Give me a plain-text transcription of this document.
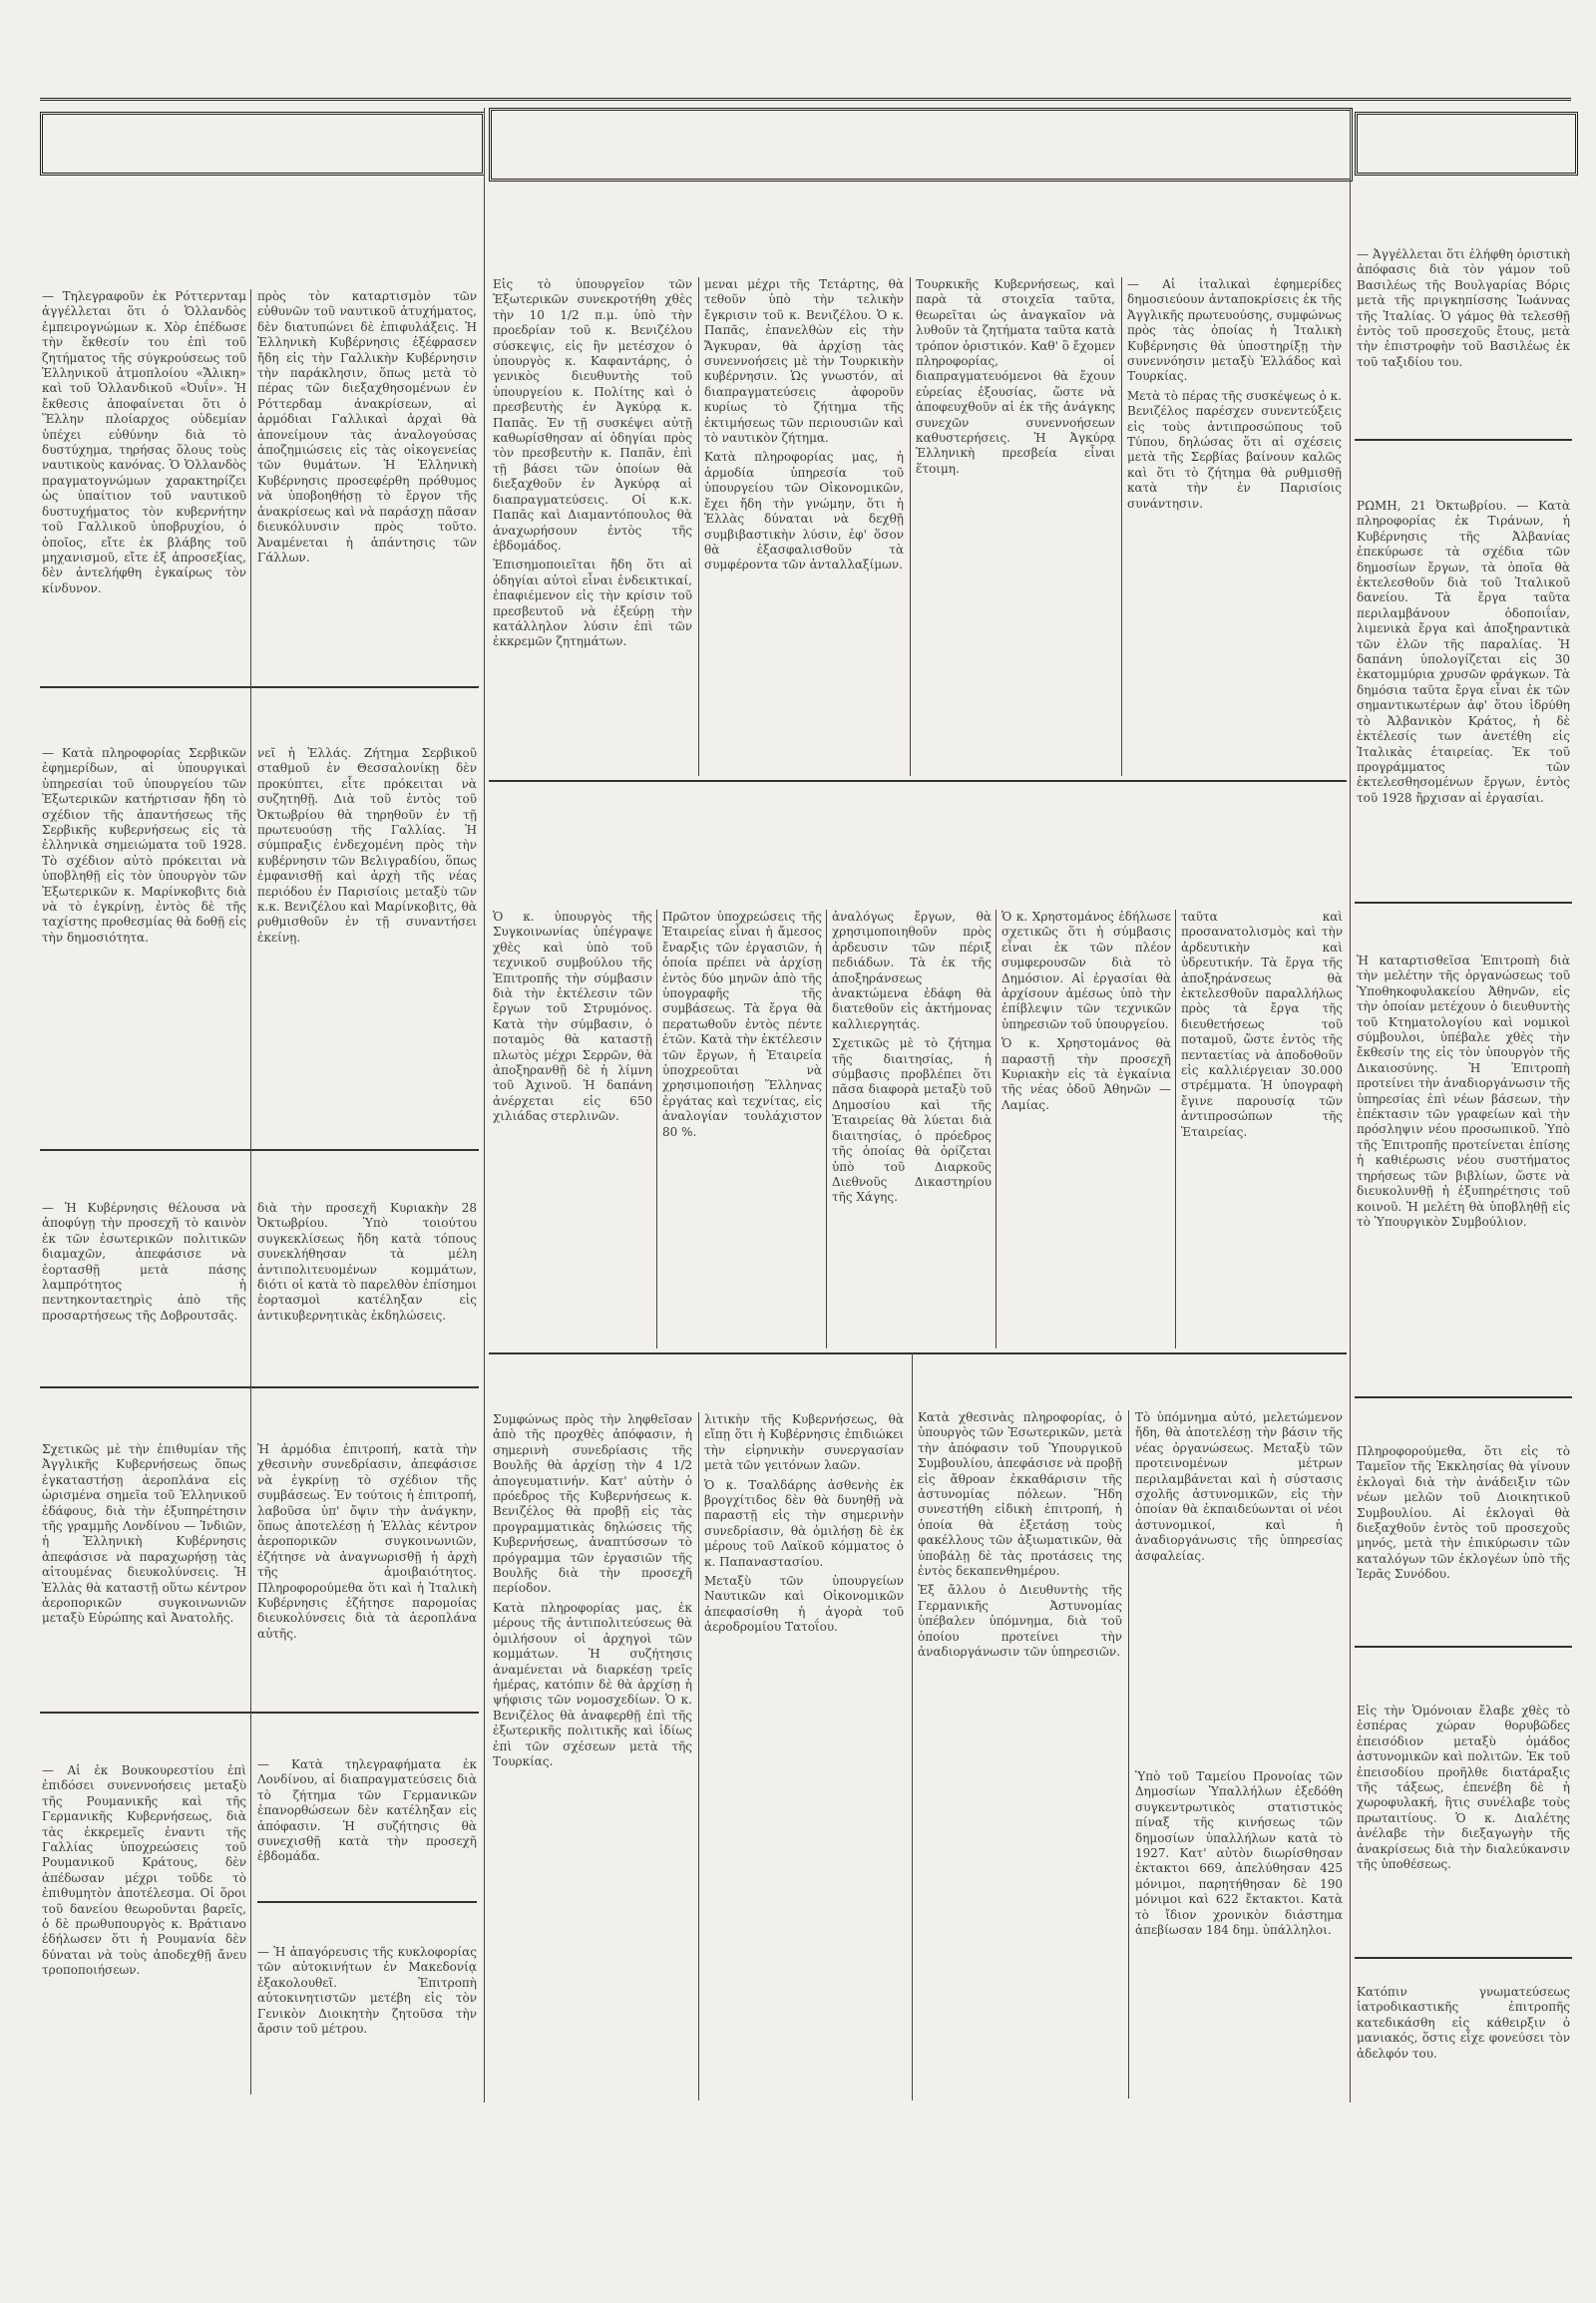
— Τηλεγραφοῦν ἐκ Ρόττερνταμ ἀγγέλλεται ὅτι ὁ Ὁλλανδὸς ἐμπειρογνώμων κ. Χὸρ ἐπέδωσε τὴν ἔκθεσίν του ἐπὶ τοῦ ζητήματος τῆς σύγκρούσεως τοῦ Ἑλληνικοῦ ἀτμοπλοίου «Ἄλικη» καὶ τοῦ Ὁλλανδικοῦ «Ὀυΐν». Ἡ ἔκθεσις ἀποφαίνεται ὅτι ὁ Ἕλλην πλοίαρχος οὐδεμίαν ὑπέχει εὐθύνην διὰ τὸ δυστύχημα, τηρήσας ὅλους τοὺς ναυτικοὺς κανόνας. Ὁ Ὁλλανδὸς πραγματογνώμων χαρακτηρίζει ὡς ὑπαίτιον τοῦ ναυτικοῦ δυστυχήματος τὸν κυβερνήτην τοῦ Γαλλικοῦ ὑποβρυχίου, ὁ ὁποῖος, εἴτε ἐκ βλάβης τοῦ μηχανισμοῦ, εἴτε ἐξ ἀπροσεξίας, δὲν ἀντελήφθη ἐγκαίρως τὸν κίνδυνον.
πρὸς τὸν καταρτισμὸν τῶν εὐθυνῶν τοῦ ναυτικοῦ ἀτυχήματος, δὲν διατυπώνει δὲ ἐπιφυλάξεις. Ἡ Ἑλληνικὴ Κυβέρνησις ἐξέφρασεν ἤδη εἰς τὴν Γαλλικὴν Κυβέρνησιν τὴν παράκλησιν, ὅπως μετὰ τὸ πέρας τῶν διεξαχθησομένων ἐν Ρόττερδαμ ἀνακρίσεων, αἱ ἁρμόδιαι Γαλλικαὶ ἀρχαὶ θὰ ἀπονείμουν τὰς ἀναλογούσας ἀποζημιώσεις εἰς τὰς οἰκογενείας τῶν θυμάτων. Ἡ Ἑλληνικὴ Κυβέρνησις προσεφέρθη πρόθυμος νὰ ὑποβοηθήσῃ τὸ ἔργον τῆς ἀνακρίσεως καὶ νὰ παράσχῃ πᾶσαν διευκόλυνσιν πρὸς τοῦτο. Ἀναμένεται ἡ ἀπάντησις τῶν Γάλλων.
— Κατὰ πληροφορίας Σερβικῶν ἐφημερίδων, αἱ ὑπουργικαὶ ὑπηρεσίαι τοῦ ὑπουργείου τῶν Ἐξωτερικῶν κατήρτισαν ἤδη τὸ σχέδιον τῆς ἀπαντήσεως τῆς Σερβικῆς κυβερνήσεως εἰς τὰ ἑλληνικὰ σημειώματα τοῦ 1928. Τὸ σχέδιον αὐτὸ πρόκειται νὰ ὑποβληθῇ εἰς τὸν ὑπουργὸν τῶν Ἐξωτερικῶν κ. Μαρίνκοβιτς διὰ νὰ τὸ ἐγκρίνῃ, ἐντὸς δὲ τῆς ταχίστης προθεσμίας θὰ δοθῇ εἰς τὴν δημοσιότητα.
νεῖ ἡ Ἑλλάς. Ζήτημα Σερβικοῦ σταθμοῦ ἐν Θεσσαλονίκῃ δὲν προκύπτει, εἶτε πρόκειται νὰ συζητηθῇ. Διὰ τοῦ ἐντὸς τοῦ Ὀκτωβρίου θὰ τηρηθοῦν ἐν τῇ πρωτευούσῃ τῆς Γαλλίας. Ἡ σύμπραξις ἐνδεχομένη πρὸς τὴν κυβέρνησιν τῶν Βελιγραδίου, ὅπως ἐμφανισθῇ καὶ ἀρχὴ τῆς νέας περιόδου ἐν Παρισίοις μεταξὺ τῶν κ.κ. Βενιζέλου καὶ Μαρίνκοβιτς, θὰ ρυθμισθοῦν ἐν τῇ συναντήσει ἐκείνῃ.
— Ἡ Κυβέρνησις θέλουσα νὰ ἀποφύγῃ τὴν προσεχῆ τὸ καινὸν ἐκ τῶν ἐσωτερικῶν πολιτικῶν διαμαχῶν, ἀπεφάσισε νὰ ἑορτασθῇ μετὰ πάσης λαμπρότητος ἡ πεντηκονταετηρὶς ἀπὸ τῆς προσαρτήσεως τῆς Δοβρουτσᾶς.
διὰ τὴν προσεχῆ Κυριακὴν 28 Ὀκτωβρίου. Ὑπὸ τοιούτου συγκεκλίσεως ἤδη κατὰ τόπους συνεκλήθησαν τὰ μέλη ἀντιπολιτευομένων κομμάτων, διότι οἱ κατὰ τὸ παρελθὸν ἐπίσημοι ἑορτασμοὶ κατέληξαν εἰς ἀντικυβερνητικὰς ἐκδηλώσεις.
Σχετικῶς μὲ τὴν ἐπιθυμίαν τῆς Ἀγγλικῆς Κυβερνήσεως ὅπως ἐγκαταστήσῃ ἀεροπλάνα εἰς ὡρισμένα σημεῖα τοῦ Ἑλληνικοῦ ἐδάφους, διὰ τὴν ἐξυπηρέτησιν τῆς γραμμῆς Λονδίνου — Ἰνδιῶν, ἡ Ἑλληνικὴ Κυβέρνησις ἀπεφάσισε νὰ παραχωρήσῃ τὰς αἰτουμένας διευκολύνσεις. Ἡ Ἑλλὰς θὰ καταστῇ οὕτω κέντρον ἀεροπορικῶν συγκοινωνιῶν μεταξὺ Εὐρώπης καὶ Ἀνατολῆς.
Ἡ ἁρμόδια ἐπιτροπή, κατὰ τὴν χθεσινὴν συνεδρίασιν, ἀπεφάσισε νὰ ἐγκρίνῃ τὸ σχέδιον τῆς συμβάσεως. Ἐν τούτοις ἡ ἐπιτροπή, λαβοῦσα ὑπ' ὄψιν τὴν ἀνάγκην, ὅπως ἀποτελέσῃ ἡ Ἑλλὰς κέντρον ἀεροπορικῶν συγκοινωνιῶν, ἐζήτησε νὰ ἀναγνωρισθῇ ἡ ἀρχὴ τῆς ἀμοιβαιότητος. Πληροφορούμεθα ὅτι καὶ ἡ Ἰταλικὴ Κυβέρνησις ἐζήτησε παρομοίας διευκολύνσεις διὰ τὰ ἀεροπλάνα αὐτῆς.
— Αἱ ἐκ Βουκουρεστίου ἐπὶ ἐπιδόσει συνεννοήσεις μεταξὺ τῆς Ρουμανικῆς καὶ τῆς Γερμανικῆς Κυβερνήσεως, διὰ τὰς ἐκκρεμεῖς ἐναντι τῆς Γαλλίας ὑποχρεώσεις τοῦ Ρουμανικοῦ Κράτους, δὲν ἀπέδωσαν μέχρι τοῦδε τὸ ἐπιθυμητὸν ἀποτέλεσμα. Οἱ ὅροι τοῦ δανείου θεωροῦνται βαρεῖς, ὁ δὲ πρωθυπουργὸς κ. Βράτιανο ἐδήλωσεν ὅτι ἡ Ρουμανία δὲν δύναται νὰ τοὺς ἀποδεχθῇ ἄνευ τροποποιήσεων.
— Κατὰ τηλεγραφήματα ἐκ Λονδίνου, αἱ διαπραγματεύσεις διὰ τὸ ζήτημα τῶν Γερμανικῶν ἐπανορθώσεων δὲν κατέληξαν εἰς ἀπόφασιν. Ἡ συζήτησις θὰ συνεχισθῇ κατὰ τὴν προσεχῆ ἑβδομάδα.
— Ἡ ἀπαγόρευσις τῆς κυκλοφορίας τῶν αὐτοκινήτων ἐν Μακεδονίᾳ ἐξακολουθεῖ. Ἐπιτροπὴ αὐτοκινητιστῶν μετέβη εἰς τὸν Γενικὸν Διοικητὴν ζητοῦσα τὴν ἄρσιν τοῦ μέτρου.
Εἰς τὸ ὑπουργεῖον τῶν Ἐξωτερικῶν συνεκροτήθη χθὲς τὴν 10 1/2 π.μ. ὑπὸ τὴν προεδρίαν τοῦ κ. Βενιζέλου σύσκεψις, εἰς ἣν μετέσχον ὁ ὑπουργὸς κ. Καφαντάρης, ὁ γενικὸς διευθυντὴς τοῦ ὑπουργείου κ. Πολίτης καὶ ὁ πρεσβευτὴς ἐν Ἀγκύρᾳ κ. Παπᾶς. Ἐν τῇ συσκέψει αὐτῇ καθωρίσθησαν αἱ ὁδηγίαι πρὸς τὸν πρεσβευτὴν κ. Παπᾶν, ἐπὶ τῇ βάσει τῶν ὁποίων θὰ διεξαχθοῦν ἐν Ἀγκύρᾳ αἱ διαπραγματεύσεις. Οἱ κ.κ. Παπᾶς καὶ Διαμαντόπουλος θὰ ἀναχωρήσουν ἐντὸς τῆς ἑβδομάδος.

Ἐπισημοποιεῖται ἤδη ὅτι αἱ ὁδηγίαι αὐτοὶ εἶναι ἐνδεικτικαί, ἐπαφιέμενον εἰς τὴν κρίσιν τοῦ πρεσβευτοῦ νὰ ἐξεύρῃ τὴν κατάλληλον λύσιν ἐπὶ τῶν ἐκκρεμῶν ζητημάτων.
μεναι μέχρι τῆς Τετάρτης, θὰ τεθοῦν ὑπὸ τὴν τελικὴν ἔγκρισιν τοῦ κ. Βενιζέλου. Ὁ κ. Παπᾶς, ἐπανελθὼν εἰς τὴν Ἄγκυραν, θὰ ἀρχίσῃ τὰς συνεννοήσεις μὲ τὴν Τουρκικὴν κυβέρνησιν. Ὡς γνωστόν, αἱ διαπραγματεύσεις ἀφοροῦν κυρίως τὸ ζήτημα τῆς ἐκτιμήσεως τῶν περιουσιῶν καὶ τὸ ναυτικὸν ζήτημα.

Κατὰ πληροφορίας μας, ἡ ἁρμοδία ὑπηρεσία τοῦ ὑπουργείου τῶν Οἰκονομικῶν, ἔχει ἤδη τὴν γνώμην, ὅτι ἡ Ἑλλὰς δύναται νὰ δεχθῇ συμβιβαστικὴν λύσιν, ἐφ' ὅσον θὰ ἐξασφαλισθοῦν τὰ συμφέροντα τῶν ἀνταλλαξίμων.
Τουρκικῆς Κυβερνήσεως, καὶ παρὰ τὰ στοιχεῖα ταῦτα, θεωρεῖται ὡς ἀναγκαῖον νὰ λυθοῦν τὰ ζητήματα ταῦτα κατὰ τρόπον ὁριστικόν. Καθ' ὃ ἔχομεν πληροφορίας, οἱ διαπραγματευόμενοι θὰ ἔχουν εὐρείας ἐξουσίας, ὥστε νὰ ἀποφευχθοῦν αἱ ἐκ τῆς ἀνάγκης συνεχῶν συνεννοήσεων καθυστερήσεις. Ἡ Ἀγκύρᾳ Ἑλληνικὴ πρεσβεία εἶναι ἕτοιμη.
— Αἱ ἰταλικαὶ ἐφημερίδες δημοσιεύουν ἀνταποκρίσεις ἐκ τῆς Ἀγγλικῆς πρωτευούσης, συμφώνως πρὸς τὰς ὁποίας ἡ Ἰταλικὴ Κυβέρνησις θὰ ὑποστηρίξῃ τὴν συνεννόησιν μεταξὺ Ἑλλάδος καὶ Τουρκίας.

Μετὰ τὸ πέρας τῆς συσκέψεως ὁ κ. Βενιζέλος παρέσχεν συνεντεύξεις εἰς τοὺς ἀντιπροσώπους τοῦ Τύπου, δηλώσας ὅτι αἱ σχέσεις μετὰ τῆς Σερβίας βαίνουν καλῶς καὶ ὅτι τὸ ζήτημα θὰ ρυθμισθῇ κατὰ τὴν ἐν Παρισίοις συνάντησιν.
— Ἀγγέλλεται ὅτι ἐλήφθη ὁριστικὴ ἀπόφασις διὰ τὸν γάμον τοῦ Βασιλέως τῆς Βουλγαρίας Βόρις μετὰ τῆς πριγκηπίσσης Ἰωάννας τῆς Ἰταλίας. Ὁ γάμος θὰ τελεσθῇ ἐντὸς τοῦ προσεχοῦς ἔτους, μετὰ τὴν ἐπιστροφὴν τοῦ Βασιλέως ἐκ τοῦ ταξιδίου του.
ΡΩΜΗ, 21 Ὀκτωβρίου. — Κατὰ πληροφορίας ἐκ Τιράνων, ἡ Κυβέρνησις τῆς Ἀλβανίας ἐπεκύρωσε τὰ σχέδια τῶν δημοσίων ἔργων, τὰ ὁποῖα θὰ ἐκτελεσθοῦν διὰ τοῦ Ἰταλικοῦ δανείου. Τὰ ἔργα ταῦτα περιλαμβάνουν ὁδοποιΐαν, λιμενικὰ ἔργα καὶ ἀποξηραντικὰ τῶν ἑλῶν τῆς παραλίας. Ἡ δαπάνη ὑπολογίζεται εἰς 30 ἑκατομμύρια χρυσῶν φράγκων. Τὰ δημόσια ταῦτα ἔργα εἶναι ἐκ τῶν σημαντικωτέρων ἀφ' ὅτου ἱδρύθη τὸ Ἀλβανικὸν Κράτος, ἡ δὲ ἐκτέλεσίς των ἀνετέθη εἰς Ἰταλικὰς ἑταιρείας. Ἐκ τοῦ προγράμματος τῶν ἐκτελεσθησομένων ἔργων, ἐντὸς τοῦ 1928 ἤρχισαν αἱ ἐργασίαι.
Ἡ καταρτισθεῖσα Ἐπιτροπὴ διὰ τὴν μελέτην τῆς ὀργανώσεως τοῦ Ὑποθηκοφυλακείου Ἀθηνῶν, εἰς τὴν ὁποίαν μετέχουν ὁ διευθυντὴς τοῦ Κτηματολογίου καὶ νομικοὶ σύμβουλοι, ὑπέβαλε χθὲς τὴν ἔκθεσίν της εἰς τὸν ὑπουργὸν τῆς Δικαιοσύνης. Ἡ Ἐπιτροπὴ προτείνει τὴν ἀναδιοργάνωσιν τῆς ὑπηρεσίας ἐπὶ νέων βάσεων, τὴν ἐπέκτασιν τῶν γραφείων καὶ τὴν πρόσληψιν νέου προσωπικοῦ. Ὑπὸ τῆς Ἐπιτροπῆς προτείνεται ἐπίσης ἡ καθιέρωσις νέου συστήματος τηρήσεως τῶν βιβλίων, ὥστε νὰ διευκολυνθῇ ἡ ἐξυπηρέτησις τοῦ κοινοῦ. Ἡ μελέτη θὰ ὑποβληθῇ εἰς τὸ Ὑπουργικὸν Συμβούλιον.
Πληροφορούμεθα, ὅτι εἰς τὸ Ταμεῖον τῆς Ἐκκλησίας θὰ γίνουν ἐκλογαὶ διὰ τὴν ἀνάδειξιν τῶν νέων μελῶν τοῦ Διοικητικοῦ Συμβουλίου. Αἱ ἐκλογαὶ θὰ διεξαχθοῦν ἐντὸς τοῦ προσεχοῦς μηνός, μετὰ τὴν ἐπικύρωσιν τῶν καταλόγων τῶν ἐκλογέων ὑπὸ τῆς Ἱερᾶς Συνόδου.
Εἰς τὴν Ὁμόνοιαν ἔλαβε χθὲς τὸ ἑσπέρας χώραν θορυβῶδες ἐπεισόδιον μεταξὺ ὁμάδος ἀστυνομικῶν καὶ πολιτῶν. Ἐκ τοῦ ἐπεισοδίου προῆλθε διατάραξις τῆς τάξεως, ἐπενέβη δὲ ἡ χωροφυλακή, ἣτις συνέλαβε τοὺς πρωταιτίους. Ὁ κ. Διαλέτης ἀνέλαβε τὴν διεξαγωγὴν τῆς ἀνακρίσεως διὰ τὴν διαλεύκανσιν τῆς ὑποθέσεως.
Κατόπιν γνωματεύσεως ἰατροδικαστικῆς ἐπιτροπῆς κατεδικάσθη εἰς κάθειρξιν ὁ μανιακός, ὅστις εἶχε φονεύσει τὸν ἀδελφόν του.
Ὁ κ. ὑπουργὸς τῆς Συγκοινωνίας ὑπέγραψε χθὲς καὶ ὑπὸ τοῦ τεχνικοῦ συμβούλου τῆς Ἐπιτροπῆς τὴν σύμβασιν διὰ τὴν ἐκτέλεσιν τῶν ἔργων τοῦ Στρυμόνος. Κατὰ τὴν σύμβασιν, ὁ ποταμὸς θὰ καταστῇ πλωτὸς μέχρι Σερρῶν, θὰ ἀποξηρανθῇ δὲ ἡ λίμνη τοῦ Ἀχινοῦ. Ἡ δαπάνη ἀνέρχεται εἰς 650 χιλιάδας στερλινῶν.
Πρῶτον ὑποχρεώσεις τῆς Ἑταιρείας εἶναι ἡ ἄμεσος ἔναρξις τῶν ἐργασιῶν, ἡ ὁποία πρέπει νὰ ἀρχίσῃ ἐντὸς δύο μηνῶν ἀπὸ τῆς ὑπογραφῆς τῆς συμβάσεως. Τὰ ἔργα θὰ περατωθοῦν ἐντὸς πέντε ἐτῶν. Κατὰ τὴν ἐκτέλεσιν τῶν ἔργων, ἡ Ἑταιρεία ὑποχρεοῦται νὰ χρησιμοποιήσῃ Ἕλληνας ἐργάτας καὶ τεχνίτας, εἰς ἀναλογίαν τουλάχιστον 80 %.
ἀναλόγως ἔργων, θὰ χρησιμοποιηθοῦν πρὸς ἀρδευσιν τῶν πέριξ πεδιάδων. Τὰ ἐκ τῆς ἀποξηράνσεως ἀνακτώμενα ἐδάφη θὰ διατεθοῦν εἰς ἀκτήμονας καλλιεργητάς.

Σχετικῶς μὲ τὸ ζήτημα τῆς διαιτησίας, ἡ σύμβασις προβλέπει ὅτι πᾶσα διαφορὰ μεταξὺ τοῦ Δημοσίου καὶ τῆς Ἑταιρείας θὰ λύεται διὰ διαιτησίας, ὁ πρόεδρος τῆς ὁποίας θὰ ὁρίζεται ὑπὸ τοῦ Διαρκοῦς Διεθνοῦς Δικαστηρίου τῆς Χάγης.
Ὁ κ. Χρηστομάνος ἐδήλωσε σχετικῶς ὅτι ἡ σύμβασις εἶναι ἐκ τῶν πλέον συμφερουσῶν διὰ τὸ Δημόσιον. Αἱ ἐργασίαι θὰ ἀρχίσουν ἀμέσως ὑπὸ τὴν ἐπίβλεψιν τῶν τεχνικῶν ὑπηρεσιῶν τοῦ ὑπουργείου.

Ὁ κ. Χρηστομάνος θὰ παραστῇ τὴν προσεχῆ Κυριακὴν εἰς τὰ ἐγκαίνια τῆς νέας ὁδοῦ Ἀθηνῶν — Λαμίας.
ταῦτα καὶ προσανατολισμὸς καὶ τὴν ἀρδευτικὴν καὶ ὑδρευτικήν. Τὰ ἔργα τῆς ἀποξηράνσεως θὰ ἐκτελεσθοῦν παραλλήλως πρὸς τὰ ἔργα τῆς διευθετήσεως τοῦ ποταμοῦ, ὥστε ἐντὸς τῆς πενταετίας νὰ ἀποδοθοῦν εἰς καλλιέργειαν 30.000 στρέμματα. Ἡ ὑπογραφὴ ἔγινε παρουσίᾳ τῶν ἀντιπροσώπων τῆς Ἑταιρείας.
Συμφώνως πρὸς τὴν ληφθεῖσαν ἀπὸ τῆς προχθὲς ἀπόφασιν, ἡ σημερινὴ συνεδρίασις τῆς Βουλῆς θὰ ἀρχίσῃ τὴν 4 1/2 ἀπογευματινήν. Κατ' αὐτὴν ὁ πρόεδρος τῆς Κυβερνήσεως κ. Βενιζέλος θὰ προβῇ εἰς τὰς προγραμματικὰς δηλώσεις τῆς Κυβερνήσεως, ἀναπτύσσων τὸ πρόγραμμα τῶν ἐργασιῶν τῆς Βουλῆς διὰ τὴν προσεχῆ περίοδον.

Κατὰ πληροφορίας μας, ἐκ μέρους τῆς ἀντιπολιτεύσεως θὰ ὁμιλήσουν οἱ ἀρχηγοὶ τῶν κομμάτων. Ἡ συζήτησις ἀναμένεται νὰ διαρκέσῃ τρεῖς ἡμέρας, κατόπιν δὲ θὰ ἀρχίσῃ ἡ ψήφισις τῶν νομοσχεδίων. Ὁ κ. Βενιζέλος θὰ ἀναφερθῇ ἐπὶ τῆς ἐξωτερικῆς πολιτικῆς καὶ ἰδίως ἐπὶ τῶν σχέσεων μετὰ τῆς Τουρκίας.
λιτικὴν τῆς Κυβερνήσεως, θὰ εἴπῃ ὅτι ἡ Κυβέρνησις ἐπιδιώκει τὴν εἰρηνικὴν συνεργασίαν μετὰ τῶν γειτόνων λαῶν.

Ὁ κ. Τσαλδάρης ἀσθενὴς ἐκ βρογχίτιδος δὲν θὰ δυνηθῇ νὰ παραστῇ εἰς τὴν σημερινὴν συνεδρίασιν, θὰ ὁμιλήσῃ δὲ ἐκ μέρους τοῦ Λαϊκοῦ κόμματος ὁ κ. Παπαναστασίου.

Μεταξὺ τῶν ὑπουργείων Ναυτικῶν καὶ Οἰκονομικῶν ἀπεφασίσθη ἡ ἀγορὰ τοῦ ἀεροδρομίου Τατοΐου.
Κατὰ χθεσινὰς πληροφορίας, ὁ ὑπουργὸς τῶν Ἐσωτερικῶν, μετὰ τὴν ἀπόφασιν τοῦ Ὑπουργικοῦ Συμβουλίου, ἀπεφάσισε νὰ προβῇ εἰς ἄθροαν ἐκκαθάρισιν τῆς ἀστυνομίας πόλεων. Ἤδη συνεστήθη εἰδικὴ ἐπιτροπή, ἡ ὁποία θὰ ἐξετάσῃ τοὺς φακέλλους τῶν ἀξιωματικῶν, θὰ ὑποβάλῃ δὲ τὰς προτάσεις της ἐντὸς δεκαπενθημέρου.

Ἐξ ἄλλου ὁ Διευθυντὴς τῆς Γερμανικῆς Ἀστυνομίας ὑπέβαλεν ὑπόμνημα, διὰ τοῦ ὁποίου προτείνει τὴν ἀναδιοργάνωσιν τῶν ὑπηρεσιῶν.
Τὸ ὑπόμνημα αὐτό, μελετώμενον ἤδη, θὰ ἀποτελέσῃ τὴν βάσιν τῆς νέας ὀργανώσεως. Μεταξὺ τῶν προτεινομένων μέτρων περιλαμβάνεται καὶ ἡ σύστασις σχολῆς ἀστυνομικῶν, εἰς τὴν ὁποίαν θὰ ἐκπαιδεύωνται οἱ νέοι ἀστυνομικοί, καὶ ἡ ἀναδιοργάνωσις τῆς ὑπηρεσίας ἀσφαλείας.

Ὑπὸ τοῦ Ταμείου Προνοίας τῶν Δημοσίων Ὑπαλλήλων ἐξεδόθη συγκεντρωτικὸς στατιστικὸς πίναξ τῆς κινήσεως τῶν δημοσίων ὑπαλλήλων κατὰ τὸ 1927. Κατ' αὐτὸν διωρίσθησαν ἐκτακτοι 669, ἀπελύθησαν 425 μόνιμοι, παρητήθησαν δὲ 190 μόνιμοι καὶ 622 ἔκτακτοι. Κατὰ τὸ ἴδιον χρονικὸν διάστημα ἀπεβίωσαν 184 δημ. ὑπάλληλοι.
